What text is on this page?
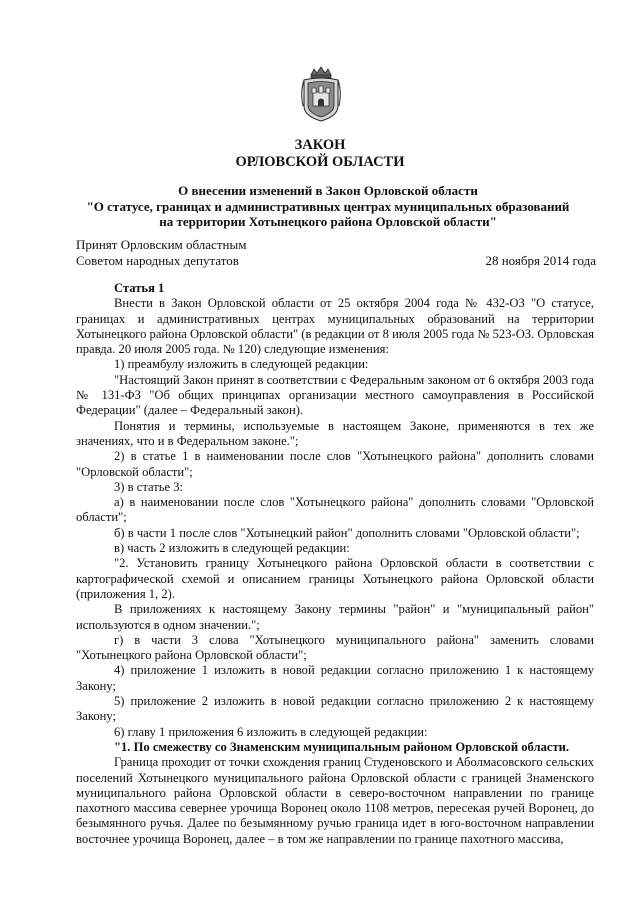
ЗАКОН
ОРЛОВСКОЙ ОБЛАСТИ
О внесении изменений в Закон Орловской области
"О статусе, границах и административных центрах муниципальных образований
на территории Хотынецкого района Орловской области"
Принят Орловским областным
Советом народных депутатов	28 ноября 2014 года

Статья 1

Внести в Закон Орловской области от 25 октября 2004 года № 432-ОЗ "О статусе, границах и административных центрах муниципальных образований на территории Хотынецкого района Орловской области" (в редакции от 8 июля 2005 года № 523-ОЗ. Орловская правда. 20 июля 2005 года. № 120) следующие изменения:

1) преамбулу изложить в следующей редакции:

"Настоящий Закон принят в соответствии с Федеральным законом от 6 октября 2003 года № 131-ФЗ "Об общих принципах организации местного самоуправления в Российской Федерации" (далее – Федеральный закон).

Понятия и термины, используемые в настоящем Законе, применяются в тех же значениях, что и в Федеральном законе.";

2) в статье 1 в наименовании после слов "Хотынецкого района" дополнить словами "Орловской области";

3) в статье 3:

а) в наименовании после слов "Хотынецкого района" дополнить словами "Орловской области";

б) в части 1 после слов "Хотынецкий район" дополнить словами "Орловской области";

в) часть 2 изложить в следующей редакции:

"2. Установить границу Хотынецкого района Орловской области в соответствии с картографической схемой и описанием границы Хотынецкого района Орловской области (приложения 1, 2).

В приложениях к настоящему Закону термины "район" и "муниципальный район" используются в одном значении.";

г) в части 3 слова "Хотынецкого муниципального района" заменить словами "Хотынецкого района Орловской области";

4) приложение 1 изложить в новой редакции согласно приложению 1 к настоящему Закону;

5) приложение 2 изложить в новой редакции согласно приложению 2 к настоящему Закону;

6) главу 1 приложения 6 изложить в следующей редакции:

"1. По смежеству со Знаменским муниципальным районом Орловской области.

Граница проходит от точки схождения границ Студеновского и Аболмасовского сельских поселений Хотынецкого муниципального района Орловской области с границей Знаменского муниципального района Орловской области в северо-восточном направлении по границе пахотного массива севернее урочища Воронец около 1108 метров, пересекая ручей Воронец, до безымянного ручья. Далее по безымянному ручью граница идет в юго-восточном направлении восточнее урочища Воронец, далее – в том же направлении по границе пахотного массива,
